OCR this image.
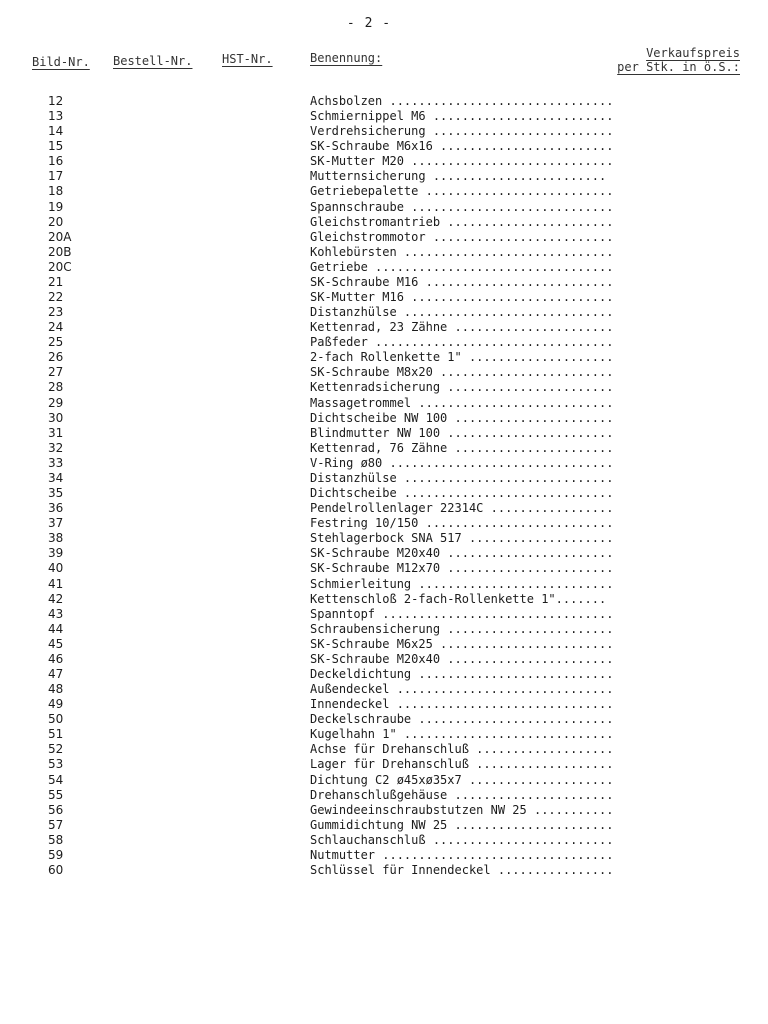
- 2 -
Bild-Nr. Bestell-Nr. HST-Nr.	Benennung:	Verkaufspreis
per Stk. in ö.S.:
12	Achsbolzen ...............................
13	Schmiernippel M6 .........................
14	Verdrehsicherung .........................
15	SK-Schraube M6x16 ........................
16	SK-Mutter M20 ............................
17	Mutternsicherung ........................
18	Getriebepalette ..........................
19	Spannschraube ............................
20	Gleichstromantrieb .......................
20A	Gleichstrommotor .........................
20B	Kohlebürsten .............................
20C	Getriebe .................................
21	SK-Schraube M16 ..........................
22	SK-Mutter M16 ............................
23	Distanzhülse .............................
24	Kettenrad, 23 Zähne ......................
25	Paßfeder .................................
26	2-fach Rollenkette 1" ....................
27	SK-Schraube M8x20 ........................
28	Kettenradsicherung .......................
29	Massagetrommel ...........................
30	Dichtscheibe NW 100 ......................
31	Blindmutter NW 100 .......................
32	Kettenrad, 76 Zähne ......................
33	V-Ring ø80 ...............................
34	Distanzhülse .............................
35	Dichtscheibe .............................
36	Pendelrollenlager 22314C .................
37	Festring 10/150 ..........................
38	Stehlagerbock SNA 517 ....................
39	SK-Schraube M20x40 .......................
40	SK-Schraube M12x70 .......................
41	Schmierleitung ...........................
42	Kettenschloß 2-fach-Rollenkette 1".......
43	Spanntopf ................................
44	Schraubensicherung .......................
45	SK-Schraube M6x25 ........................
46	SK-Schraube M20x40 .......................
47	Deckeldichtung ...........................
48	Außendeckel ..............................
49	Innendeckel ..............................
50	Deckelschraube ...........................
51	Kugelhahn 1" .............................
52	Achse für Drehanschluß ...................
53	Lager für Drehanschluß ...................
54	Dichtung C2 ø45xø35x7 ....................
55	Drehanschlußgehäuse ......................
56	Gewindeeinschraubstutzen NW 25 ...........
57	Gummidichtung NW 25 ......................
58	Schlauchanschluß .........................
59	Nutmutter ................................
60	Schlüssel für Innendeckel ................
